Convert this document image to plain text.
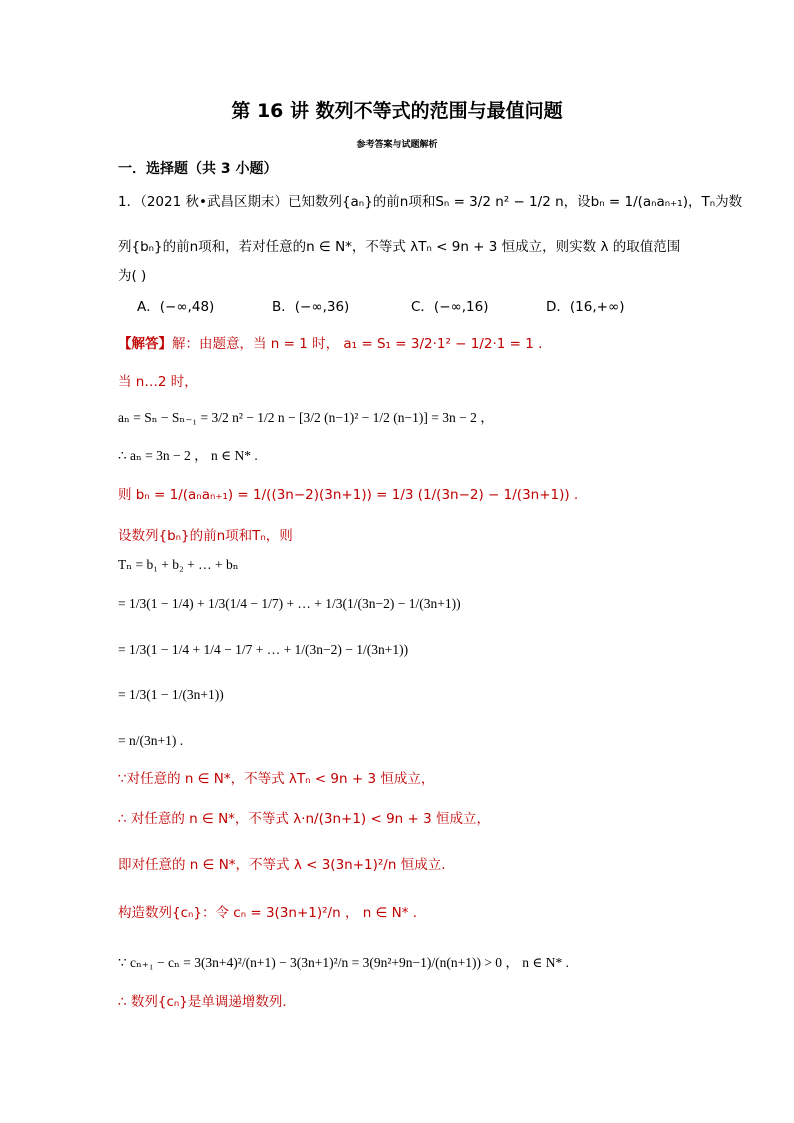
第 16 讲 数列不等式的范围与最值问题
参考答案与试题解析
一．选择题（共 3 小题）
1．（2021 秋•武昌区期末）已知数列{aₙ}的前n项和Sₙ = 3/2 n² − 1/2 n，设bₙ = 1/(aₙaₙ₊₁)，Tₙ为数
列{bₙ}的前n项和，若对任意的n ∈ N*，不等式 λTₙ < 9n + 3 恒成立，则实数 λ 的取值范围
为( )
A．(−∞,48)	B．(−∞,36)	C．(−∞,16)	D．(16,+∞)
【解答】解：由题意，当 n = 1 时， a₁ = S₁ = 3/2·1² − 1/2·1 = 1 .
当 n…2 时，
aₙ = Sₙ − Sₙ₋₁ = 3/2 n² − 1/2 n − [3/2 (n−1)² − 1/2 (n−1)] = 3n − 2 ，
∴ aₙ = 3n − 2 ， n ∈ N* .
则 bₙ = 1/(aₙaₙ₊₁) = 1/((3n−2)(3n+1)) = 1/3 (1/(3n−2) − 1/(3n+1)) .
设数列{bₙ}的前n项和Tₙ，则
Tₙ = b₁ + b₂ + … + bₙ
= 1/3(1 − 1/4) + 1/3(1/4 − 1/7) + … + 1/3(1/(3n−2) − 1/(3n+1))
= 1/3(1 − 1/4 + 1/4 − 1/7 + … + 1/(3n−2) − 1/(3n+1))
= 1/3(1 − 1/(3n+1))
= n/(3n+1) .
∵对任意的 n ∈ N*，不等式 λTₙ < 9n + 3 恒成立，
∴ 对任意的 n ∈ N*，不等式 λ·n/(3n+1) < 9n + 3 恒成立，
即对任意的 n ∈ N*，不等式 λ < 3(3n+1)²/n 恒成立．
构造数列{cₙ}：令 cₙ = 3(3n+1)²/n ， n ∈ N* .
∵ cₙ₊₁ − cₙ = 3(3n+4)²/(n+1) − 3(3n+1)²/n = 3(9n²+9n−1)/(n(n+1)) > 0 ， n ∈ N* .
∴ 数列{cₙ}是单调递增数列．
